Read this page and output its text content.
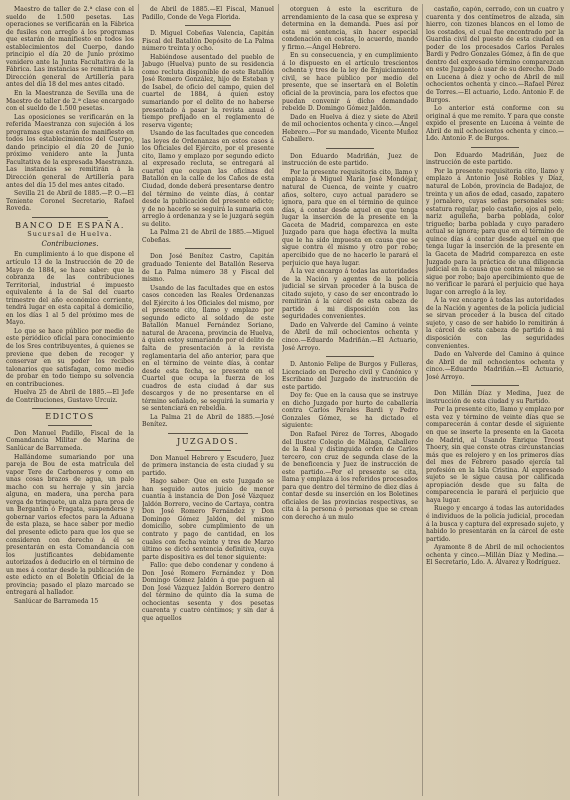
Maestro de taller de 2.ª clase con el sueldo de 1.500 pesetas. Las operaciones se verificarán en la Fábrica de fusiles con arreglo á los programas que estarán de manifiesto en todos los establecimientos del Cuerpo, dando principio el día 20 de Junio próximo venidero ante la Junta Facultativa de la Fábrica. Las instancias se remitirán á la Dirección general de Artillería para antes del día 18 del mes antes citado.

En la Maestranza de Sevilla una de Maestro de taller de 2.ª clase encargado con el sueldo de 1.500 pesetas.

Las oposiciones se verificarán en la referida Maestranza con sujeción á los programas que estarán de manifiesto en todos los establecimientos del Cuerpo, dando principio el día 20 de Junio próximo venidero ante la Junta Facultativa de la expresada Maestranza. Las instancias se remitirán á la Dirección general de Artillería para antes del día 15 del mes antes citado.

Sevilla 21 de Abril de 1885.—P. O.—El Teniente Coronel Secretario, Rafael Roveda.

BANCO DE ESPAÑA.
Sucursal de Huelva.
Contribuciones.

En cumplimiento á lo que dispone el artículo 13 de la Instrucción de 20 de Mayo de 1884, se hace saber: que la cobranza de las contribuciones Territorial, industrial é impuesto equivalente á la de Sal del cuarto trimestre del año económico corriente, tendrá lugar en esta capital á domicilio, en los días 1 al 5 del próximo mes de Mayo.

Lo que se hace público por medio de este periódico oficial para conocimiento de los Sres contribuyentes, á quienes se previene que deben de recoger y conservar en su poder los recibos talonarios que satisfagan, como medio de probar en todo tiempo su solvencia en contribuciones.

Huelva 25 de Abril de 1885.—El Jefe de Contribuciones, Gustavo Urcuiz.

EDICTOS

Don Manuel Padillo, Fiscal de la Comandancia Militar de Marina de Sanlúcar de Barrameda.

Hallándome sumariando por una pareja de Bou de esta matrícula del vapor Tere de Carboneros y como en unas cosas brazos de agua, un palo macho con su herraje y sin jarcia alguna, en madera, una percha para verga de trinquete, un alza para proa de un Bergantín ó Fragata, suspenderse y gobernar varios efectos para la Aduana de esta plaza, se hace saber por medio del presente edicto para que los que se consideren con derecho á él se presentarán en esta Comandancia con los justificantes debidamente autorizados á deducirlo en el término de un mes á contar desde la publicación de este edicto en el Boletín Oficial de la provincia; pasado el plazo marcado se entregará al hallador.

Sanlúcar de Barrameda 15

de Abril de 1885.—El Fiscal, Manuel Padillo, Conde de Vega Florida.

D. Miguel Cobeñas Valencia, Capitán Fiscal del Batallón Depósito de La Palma número treinta y ocho.

Habiéndose ausentado del pueblo de Jabugo (Huelva) punto de su residencia como recluta disponible de este Batallón José Romero González, hijo de Esteban y de Isabel, de oficio del campo, quien del cuartel de 1884, á quien estoy sumariando por el delito de no haberse presentado á pasar la revista anual ó tiempo prefijado en el reglamento de reserva vigente;

Usando de las facultades que conceden las leyes de Ordenanzas en estos casos á los Oficiales del Ejército, por el presente cito, llamo y emplazo por segundo edicto al expresado recluta, se entregará al cuartel que ocupan las oficinas del Batallón en la calle de los Caños de esta Ciudad, donde deberá presentarse dentro del término de veinte días, á contar desde la publicación del presente edicto; y de no hacerlo se seguirá la sumaria con arreglo á ordenanza y se le juzgará según su delito.

La Palma 21 de Abril de 1885.—Miguel Cobeñas.

Don José Benítez Castro, Capitán graduado Teniente del Batallón Reserva de La Palma número 38 y Fiscal del mismo.

Usando de las facultades que en estos casos conceden las Reales Ordenanzas del Ejército á los Oficiales del mismo, por el presente cito, llamo y emplazo por segundo edicto al soldado de este Batallón Manuel Fernández Soriano, natural de Aracena, provincia de Huelva, á quien estoy sumariando por el delito de falta de presentación á la revista reglamentaria del año anterior, para que en el término de veinte días, á contar desde esta fecha, se presente en el Cuartel que ocupa la fuerza de los cuadros de esta ciudad á dar sus descargos y de no presentarse en el término señalado, se seguirá la sumaria y se sentenciará en rebeldía.

La Palma 21 de Abril de 1885.—José Benítez.

JUZGADOS.

Don Manuel Hebrero y Escudero, Juez de primera instancia de esta ciudad y su partido.

Hago saber: Que en este Juzgado se han seguido autos juicio de menor cuantía á instancia de Don José Vázquez Jaldón Borrero, vecino de Cartaya, contra Don José Romero Fernández y Don Domingo Gómez Jaldón, del mismo domicilio, sobre cumplimiento de un contrato y pago de cantidad, en los cuales con fecha veinte y tres de Marzo último se dictó sentencia definitiva, cuya parte dispositiva es del tenor siguiente:

Fallo: que debo condenar y condeno á Don José Romero Fernández y Don Domingo Gómez Jaldón á que paguen al Don José Vázquez Jaldón Borrero dentro del término de quinto día la suma de ochocientas sesenta y dos pesetas cuarenta y cuatro céntimos; y sin dar á que aquellos

otorguen á este la escritura de arrendamiento de la casa que se expresa y determina en la demanda. Pues así por esta mi sentencia, sin hacer especial condenación en costas, lo acuerdo, mando y firmo.—Ángel Hebrero.

En su consecuencia, y en cumplimiento á lo dispuesto en el artículo trescientos ochenta y tres de la ley de Enjuiciamiento civil, se hace público por medio del presente, que se insertará en el Boletín oficial de la provincia, para los efectos que puedan convenir á dicho demandado rebelde D. Domingo Gómez Jaldón.

Dado en Huelva á diez y siete de Abril de mil ochocientos ochenta y cinco.—Ángel Hebrero.—Por su mandado, Vicente Muñoz Caballero.

Don Eduardo Madriñán, Juez de instrucción de este partido.

Por la presente requisitoria cito, llamo y emplazo á Miguel María José Mondéjar, natural de Cuenca, de veinte y cuatro años, soltero, cuyo actual paradero se ignora, para que en el término de quince días, á contar desde aquel en que tenga lugar la inserción de la presente en la Gaceta de Madrid, comparezca en este Juzgado para que haga efectiva la multa que le ha sido impuesta en causa que se sigue contra él mismo y otro por robo; apercibido que de no hacerlo le parará el perjuicio que haya lugar.

Á la vez encargo á todas las autoridades de la Nación y agentes de la policía judicial se sirvan proceder á la busca de citado sujeto, y caso de ser encontrado lo remitirán á la cárcel de esta cabeza de partido á mi disposición con las seguridades convenientes.

Dado en Valverde del Camino á veinte de Abril de mil ochocientos ochenta y cinco.—Eduardo Madriñán.—El Actuario, José Arroyo.

D. Antonio Felipe de Burgos y Fulleras, Licenciado en Derecho civil y Canónico y Escribano del Juzgado de instrucción de este partido.

Doy fe: Que en la causa que se instruye en dicho Juzgado por hurto de caballería contra Carlos Perales Bardi y Pedro Gonzales Gómez, se ha dictado el siguiente:

Don Rafael Pérez de Torres, Abogado del Ilustre Colegio de Málaga, Caballero de la Real y distinguida orden de Carlos tercero, con cruz de segunda clase de la de beneficencia y Juez de instrucción de este partido.—Por el presente se cita, llama y emplaza á los referidos procesados para que dentro del término de diez días á contar desde su inserción en los Boletines oficiales de las provincias respectivas, se cita á la persona ó personas que se crean con derecho á un mulo

castaño, capón, cerrado, con un cuatro y cuarenta y dos centímetros de alzada, sin hierro, con tizones blancos en el lomo de los costados, el cual fue encontrado por la Guardia civil del puesto de esta ciudad en poder de los procesados Carlos Perales Bardi y Pedro Gonzales Gómez, á fin de que dentro del expresado término comparezcan en este Juzgado á usar de su derecho. Dado en Lucena á diez y ocho de Abril de mil ochocientos ochenta y cinco.—Rafael Pérez de Torres.—El actuario, Lcdo. Antonio F. de Burgos.

Lo anterior está conforme con su original á que me remito. Y para que conste expido el presente en Lucena á veinte de Abril de mil ochocientos ochenta y cinco.—Ldo. Antonio F. de Burgos.

Don Eduardo Madriñán, Juez de instrucción de este partido.

Por la presente requisitoria cito, llamo y emplazo á Antonio José Robles y Díaz, natural de Lobón, provincia de Badajoz, de treinta y un años de edad, casado, zapatero y jornalero, cuyas señas personales son: estatura regular, pelo castaño, ojos al pelo, nariz aguileña, barba poblada, color trigueño; barba poblada y cuyo paradero actual se ignora; para que en el término de quince días á contar desde aquel en que tenga lugar la inserción de la presente en la Gaceta de Madrid comparezca en este Juzgado para la práctica de una diligencia judicial en la causa que contra el mismo se sigue por robo; bajo apercibimiento que de no verificar le parará el perjuicio que haya lugar con arreglo á la ley.

Á la vez encargo á todas las autoridades de la Nación y agentes de la policía judicial se sirvan proceder á la busca del citado sujeto, y caso de ser habido lo remitirán á la cárcel de esta cabeza de partido á mi disposición con las seguridades convenientes.

Dado en Valverde del Camino á quince de Abril de mil ochocientos ochenta y cinco.—Eduardo Madriñán.—El Actuario, José Arroyo.

Don Millán Díaz y Medina, Juez de instrucción de esta ciudad y su Partido.

Por la presente cito, llamo y emplazo por esta vez y término de veinte días que se comparecerán á contar desde el siguiente en que se inserte la presente en la Gaceta de Madrid, al Usando Enrique Troost Thoery, sin que conste otras circunstancias más que es relojero y en los primeros días del mes de Febrero pasado ejercía tal profesión en la Isla Cristina. Al expresado sujeto se le sigue causa por calificada apropiación desde que su falta de comparecencia le parará el perjuicio que haya lugar.

Ruego y encargo á todas las autoridades é individuos de la policía judicial, procedan á la busca y captura del expresado sujeto, y habido lo presentarán en la cárcel de este partido.

Ayamonte 8 de Abril de mil ochocientos ochenta y cinco.—Millán Díaz y Medina.—El Secretario, Ldo. A. Álvarez y Rodríguez.
